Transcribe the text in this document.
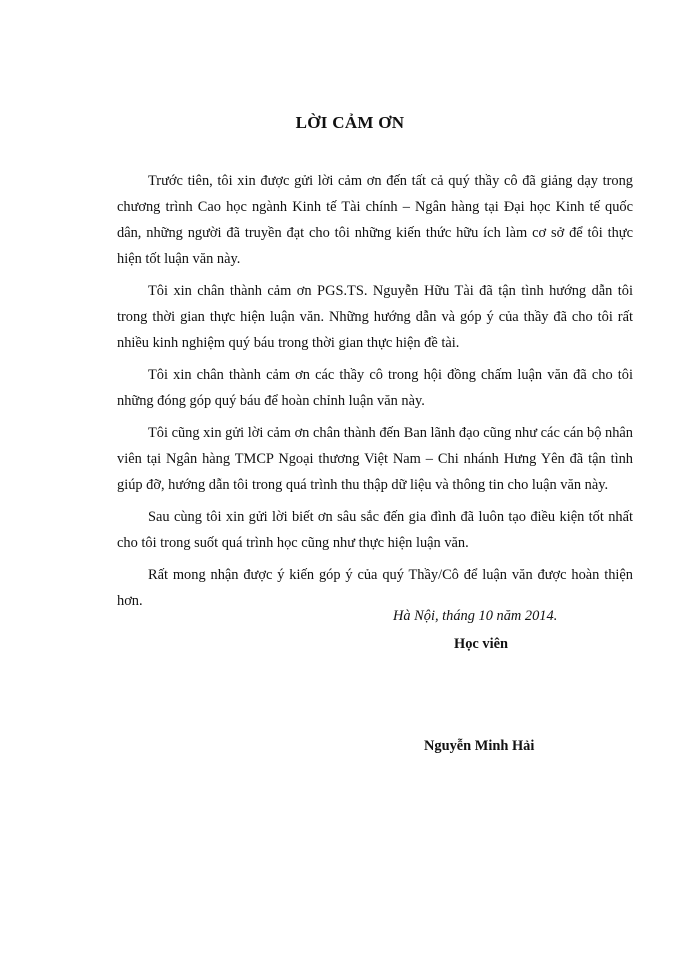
LỜI CẢM ƠN

Trước tiên, tôi xin được gửi lời cảm ơn đến tất cả quý thầy cô đã giảng dạy trong chương trình Cao học ngành Kinh tế Tài chính – Ngân hàng tại Đại học Kinh tế quốc dân, những người đã truyền đạt cho tôi những kiến thức hữu ích làm cơ sở để tôi thực hiện tốt luận văn này.

Tôi xin chân thành cảm ơn PGS.TS. Nguyễn Hữu Tài đã tận tình hướng dẫn tôi trong thời gian thực hiện luận văn. Những hướng dẫn và góp ý của thầy đã cho tôi rất nhiều kinh nghiệm quý báu trong thời gian thực hiện đề tài.

Tôi xin chân thành cảm ơn các thầy cô trong hội đồng chấm luận văn đã cho tôi những đóng góp quý báu để hoàn chỉnh luận văn này.

Tôi cũng xin gửi lời cảm ơn chân thành đến Ban lãnh đạo cũng như các cán bộ nhân viên tại Ngân hàng TMCP Ngoại thương Việt Nam – Chi nhánh Hưng Yên đã tận tình giúp đỡ, hướng dẫn tôi trong quá trình thu thập dữ liệu và thông tin cho luận văn này.

Sau cùng tôi xin gửi lời biết ơn sâu sắc đến gia đình đã luôn tạo điều kiện tốt nhất cho tôi trong suốt quá trình học cũng như thực hiện luận văn.

Rất mong nhận được ý kiến góp ý của quý Thầy/Cô để luận văn được hoàn thiện hơn.

Hà Nội, tháng 10 năm 2014.
Học viên
Nguyễn Minh Hải
